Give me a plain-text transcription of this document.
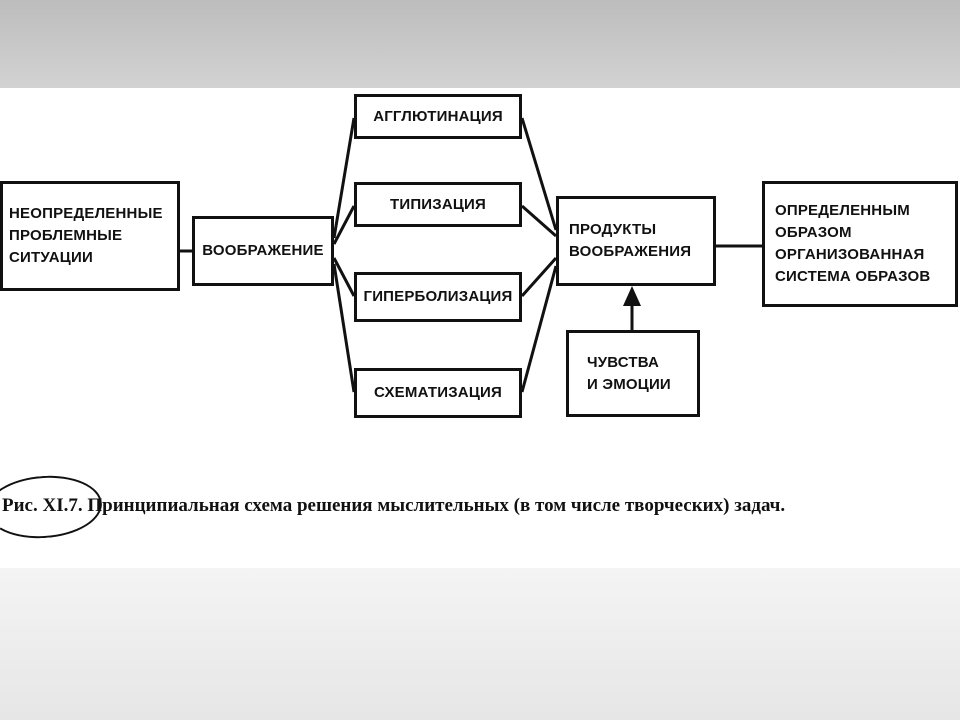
НЕОПРЕДЕЛЕННЫЕ
ПРОБЛЕМНЫЕ
СИТУАЦИИ	ВООБРАЖЕНИЕ
АГГЛЮТИНАЦИЯ
ТИПИЗАЦИЯ
ГИПЕРБОЛИЗАЦИЯ
СХЕМАТИЗАЦИЯ
ПРОДУКТЫ
ВООБРАЖЕНИЯ
ЧУВСТВА
И ЭМОЦИИ
ОПРЕДЕЛЕННЫМ
ОБРАЗОМ
ОРГАНИЗОВАННАЯ
СИСТЕМА ОБРАЗОВ
Рис. XI.7. Принципиальная схема решения мыслительных (в том числе творческих) задач.
